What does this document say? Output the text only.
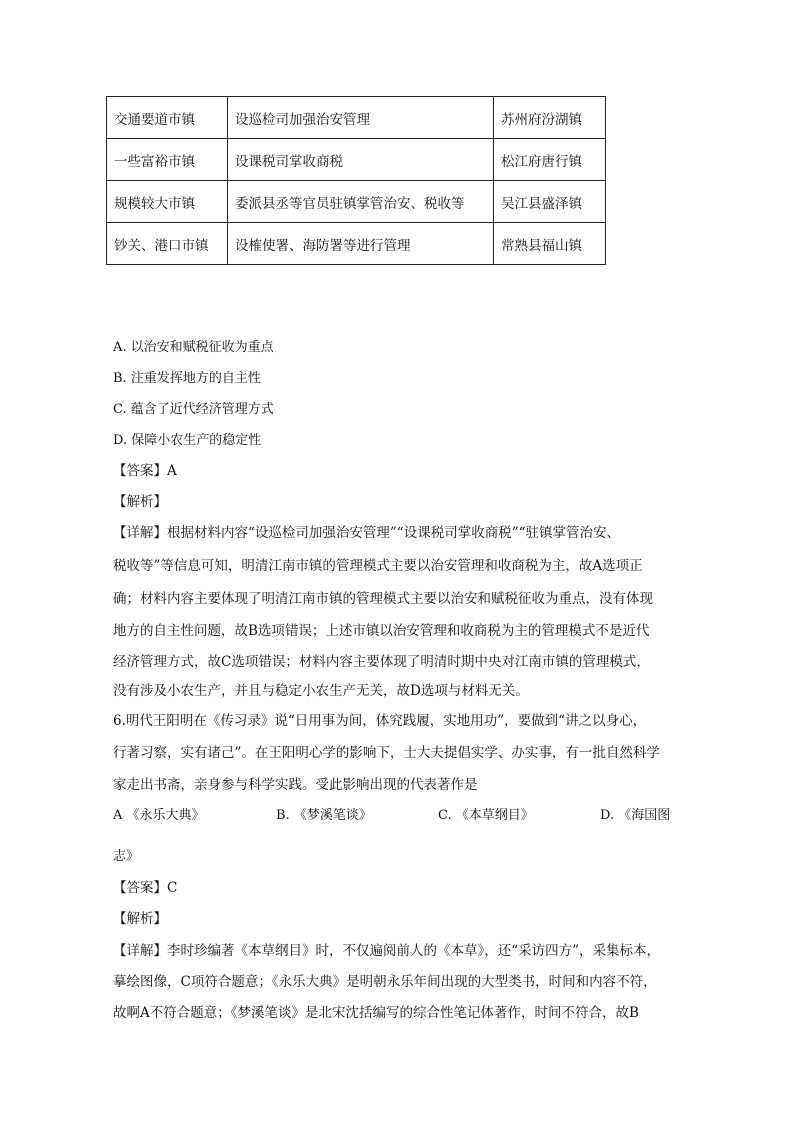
交通要道市镇	设巡检司加强治安管理	苏州府汾湖镇
一些富裕市镇	设课税司掌收商税	松江府唐行镇
规模较大市镇	委派县丞等官员驻镇掌管治安、税收等	吴江县盛泽镇
钞关、港口市镇	设榷使署、海防署等进行管理	常熟县福山镇
A. 以治安和赋税征收为重点
B. 注重发挥地方的自主性
C. 蕴含了近代经济管理方式
D. 保障小农生产的稳定性
【答案】A
【解析】
【详解】根据材料内容“设巡检司加强治安管理”“设课税司掌收商税”“驻镇掌管治安、
税收等”等信息可知，明清江南市镇的管理模式主要以治安管理和收商税为主，故A选项正
确；材料内容主要体现了明清江南市镇的管理模式主要以治安和赋税征收为重点，没有体现
地方的自主性问题，故B选项错误；上述市镇以治安管理和收商税为主的管理模式不是近代
经济管理方式，故C选项错误；材料内容主要体现了明清时期中央对江南市镇的管理模式，
没有涉及小农生产，并且与稳定小农生产无关，故D选项与材料无关。
6.明代王阳明在《传习录》说“日用事为间，体究践履，实地用功”，要做到“讲之以身心，
行著习察，实有诸己”。在王阳明心学的影响下，士大夫提倡实学、办实事，有一批自然科学
家走出书斋，亲身参与科学实践。受此影响出现的代表著作是
A 《永乐大典》	B. 《梦溪笔谈》	C. 《本草纲目》	D. 《海国图
志》
【答案】C
【解析】
【详解】李时珍编著《本草纲目》时，不仅遍阅前人的《本草》，还“采访四方”，采集标本，
摹绘图像，C项符合题意；《永乐大典》是明朝永乐年间出现的大型类书，时间和内容不符，
故啊A不符合题意；《梦溪笔谈》是北宋沈括编写的综合性笔记体著作，时间不符合，故B
